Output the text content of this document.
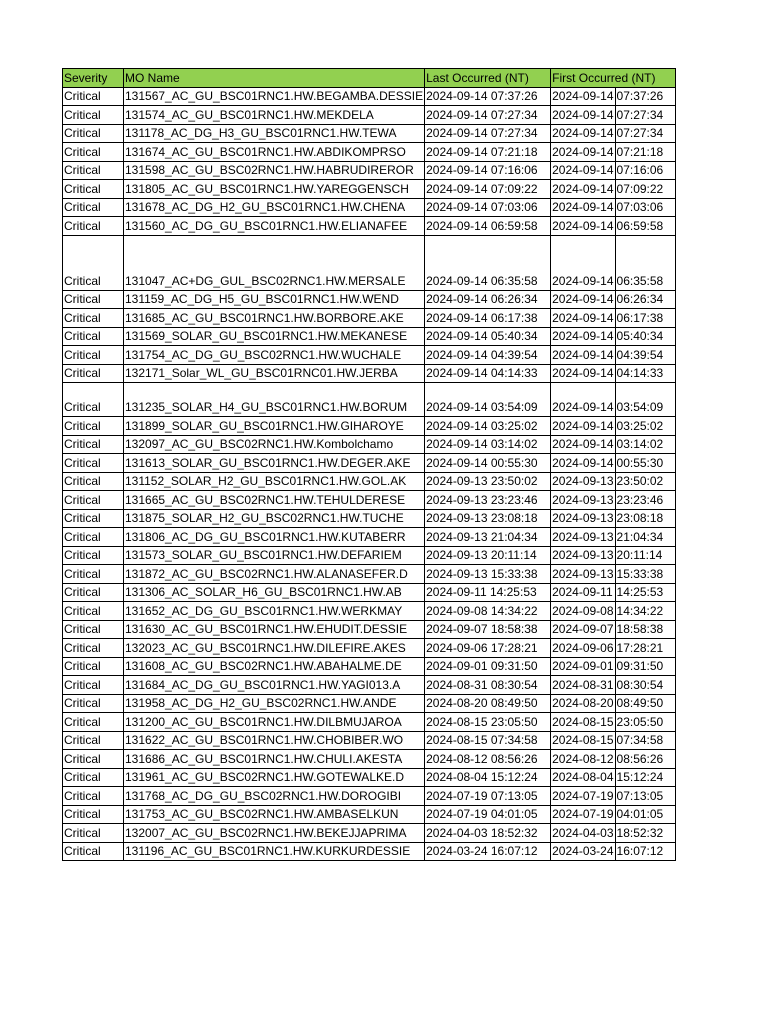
Severity	MO Name	Last Occurred (NT)	First Occurred (NT)	
Critical	131567_AC_GU_BSC01RNC1.HW.BEGAMBA.DESSIE	2024-09-14 07:37:26	2024-09-14	07:37:26
Critical	131574_AC_GU_BSC01RNC1.HW.MEKDELA	2024-09-14 07:27:34	2024-09-14	07:27:34
Critical	131178_AC_DG_H3_GU_BSC01RNC1.HW.TEWA	2024-09-14 07:27:34	2024-09-14	07:27:34
Critical	131674_AC_GU_BSC01RNC1.HW.ABDIKOMPRSO	2024-09-14 07:21:18	2024-09-14	07:21:18
Critical	131598_AC_GU_BSC02RNC1.HW.HABRUDIREROR	2024-09-14 07:16:06	2024-09-14	07:16:06
Critical	131805_AC_GU_BSC01RNC1.HW.YAREGGENSCH	2024-09-14 07:09:22	2024-09-14	07:09:22
Critical	131678_AC_DG_H2_GU_BSC01RNC1.HW.CHENA	2024-09-14 07:03:06	2024-09-14	07:03:06
Critical	131560_AC_DG_GU_BSC01RNC1.HW.ELIANAFEE	2024-09-14 06:59:58	2024-09-14	06:59:58
Critical	131047_AC+DG_GUL_BSC02RNC1.HW.MERSALE	2024-09-14 06:35:58	2024-09-14	06:35:58
Critical	131159_AC_DG_H5_GU_BSC01RNC1.HW.WEND	2024-09-14 06:26:34	2024-09-14	06:26:34
Critical	131685_AC_GU_BSC01RNC1.HW.BORBORE.AKE	2024-09-14 06:17:38	2024-09-14	06:17:38
Critical	131569_SOLAR_GU_BSC01RNC1.HW.MEKANESE	2024-09-14 05:40:34	2024-09-14	05:40:34
Critical	131754_AC_DG_GU_BSC02RNC1.HW.WUCHALE	2024-09-14 04:39:54	2024-09-14	04:39:54
Critical	132171_Solar_WL_GU_BSC01RNC01.HW.JERBA	2024-09-14 04:14:33	2024-09-14	04:14:33
Critical	131235_SOLAR_H4_GU_BSC01RNC1.HW.BORUM	2024-09-14 03:54:09	2024-09-14	03:54:09
Critical	131899_SOLAR_GU_BSC01RNC1.HW.GIHAROYE	2024-09-14 03:25:02	2024-09-14	03:25:02
Critical	132097_AC_GU_BSC02RNC1.HW.Kombolchamo	2024-09-14 03:14:02	2024-09-14	03:14:02
Critical	131613_SOLAR_GU_BSC01RNC1.HW.DEGER.AKE	2024-09-14 00:55:30	2024-09-14	00:55:30
Critical	131152_SOLAR_H2_GU_BSC01RNC1.HW.GOL.AK	2024-09-13 23:50:02	2024-09-13	23:50:02
Critical	131665_AC_GU_BSC02RNC1.HW.TEHULDERESE	2024-09-13 23:23:46	2024-09-13	23:23:46
Critical	131875_SOLAR_H2_GU_BSC02RNC1.HW.TUCHE	2024-09-13 23:08:18	2024-09-13	23:08:18
Critical	131806_AC_DG_GU_BSC01RNC1.HW.KUTABERR	2024-09-13 21:04:34	2024-09-13	21:04:34
Critical	131573_SOLAR_GU_BSC01RNC1.HW.DEFARIEM	2024-09-13 20:11:14	2024-09-13	20:11:14
Critical	131872_AC_GU_BSC02RNC1.HW.ALANASEFER.D	2024-09-13 15:33:38	2024-09-13	15:33:38
Critical	131306_AC_SOLAR_H6_GU_BSC01RNC1.HW.AB	2024-09-11 14:25:53	2024-09-11	14:25:53
Critical	131652_AC_DG_GU_BSC01RNC1.HW.WERKMAY	2024-09-08 14:34:22	2024-09-08	14:34:22
Critical	131630_AC_GU_BSC01RNC1.HW.EHUDIT.DESSIE	2024-09-07 18:58:38	2024-09-07	18:58:38
Critical	132023_AC_GU_BSC01RNC1.HW.DILEFIRE.AKES	2024-09-06 17:28:21	2024-09-06	17:28:21
Critical	131608_AC_GU_BSC02RNC1.HW.ABAHALME.DE	2024-09-01 09:31:50	2024-09-01	09:31:50
Critical	131684_AC_DG_GU_BSC01RNC1.HW.YAGI013.A	2024-08-31 08:30:54	2024-08-31	08:30:54
Critical	131958_AC_DG_H2_GU_BSC02RNC1.HW.ANDE	2024-08-20 08:49:50	2024-08-20	08:49:50
Critical	131200_AC_GU_BSC01RNC1.HW.DILBMUJAROA	2024-08-15 23:05:50	2024-08-15	23:05:50
Critical	131622_AC_GU_BSC01RNC1.HW.CHOBIBER.WO	2024-08-15 07:34:58	2024-08-15	07:34:58
Critical	131686_AC_GU_BSC01RNC1.HW.CHULI.AKESTA	2024-08-12 08:56:26	2024-08-12	08:56:26
Critical	131961_AC_GU_BSC02RNC1.HW.GOTEWALKE.D	2024-08-04 15:12:24	2024-08-04	15:12:24
Critical	131768_AC_DG_GU_BSC02RNC1.HW.DOROGIBI	2024-07-19 07:13:05	2024-07-19	07:13:05
Critical	131753_AC_GU_BSC02RNC1.HW.AMBASELKUN	2024-07-19 04:01:05	2024-07-19	04:01:05
Critical	132007_AC_GU_BSC02RNC1.HW.BEKEJJAPRIMA	2024-04-03 18:52:32	2024-04-03	18:52:32
Critical	131196_AC_GU_BSC01RNC1.HW.KURKURDESSIE	2024-03-24 16:07:12	2024-03-24	16:07:12
